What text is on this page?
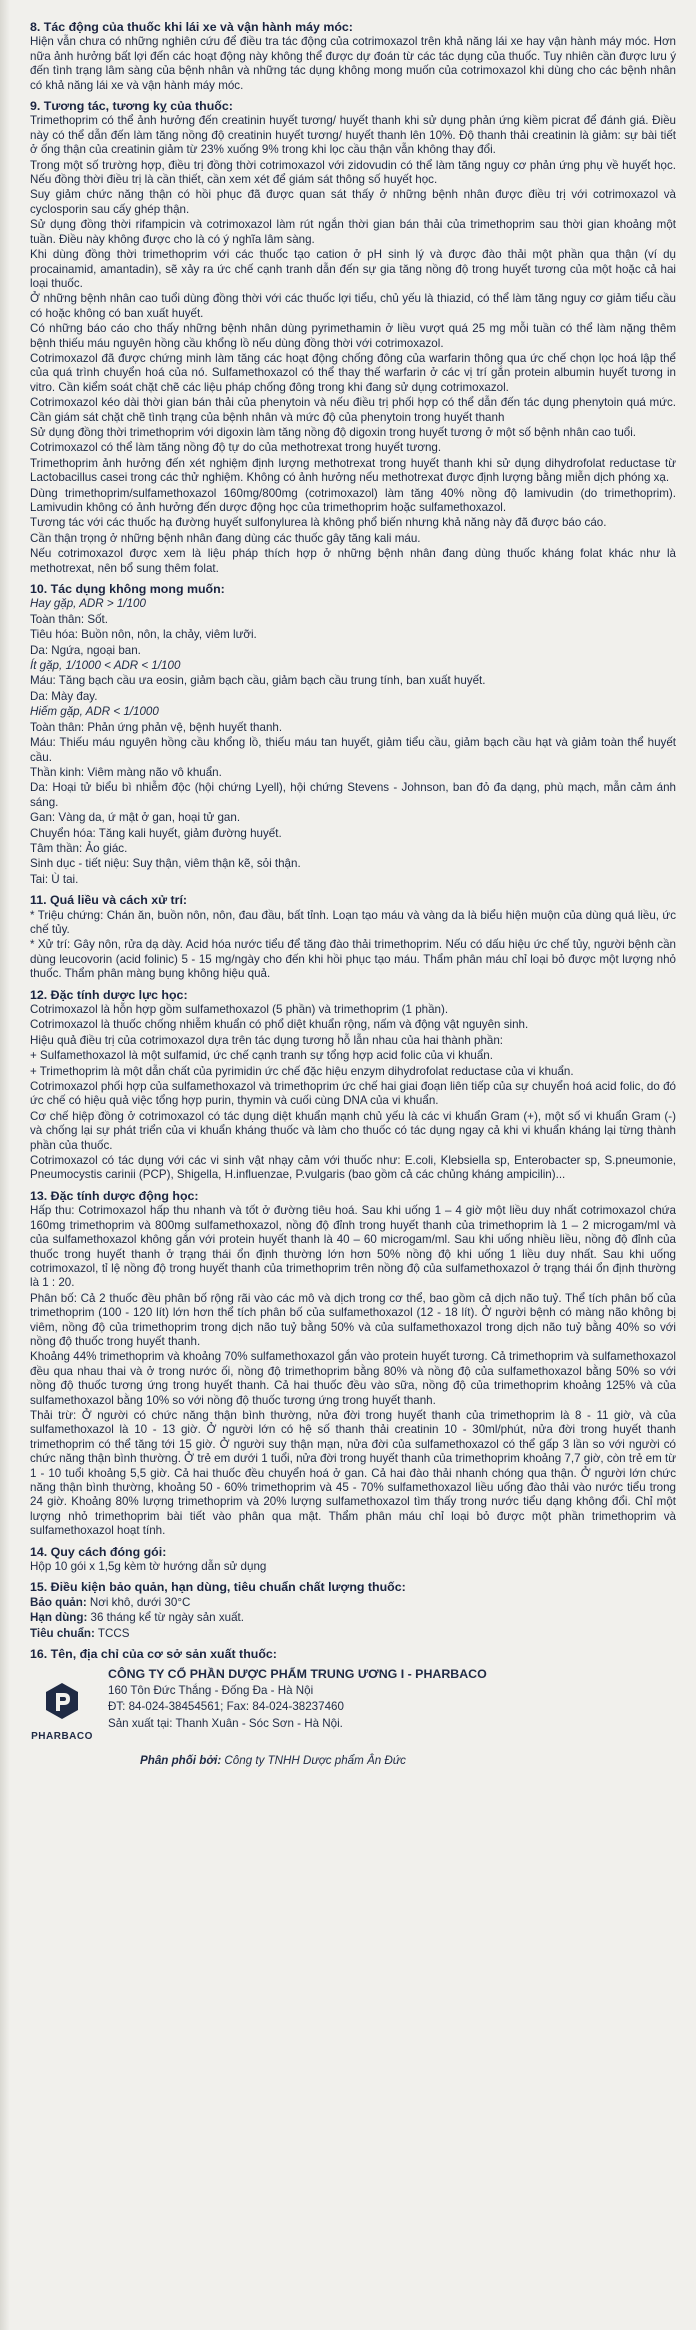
8. Tác động của thuốc khi lái xe và vận hành máy móc:

Hiện vẫn chưa có những nghiên cứu để điều tra tác động của cotrimoxazol trên khả năng lái xe hay vận hành máy móc. Hơn nữa ảnh hưởng bất lợi đến các hoạt động này không thể được dự đoán từ các tác dụng của thuốc. Tuy nhiên cần được lưu ý đến tình trạng lâm sàng của bệnh nhân và những tác dụng không mong muốn của cotrimoxazol khi dùng cho các bệnh nhân có khả năng lái xe và vận hành máy móc.

9. Tương tác, tương kỵ của thuốc:

Trimethoprim có thể ảnh hưởng đến creatinin huyết tương/ huyết thanh khi sử dụng phản ứng kiềm picrat để đánh giá. Điều này có thể dẫn đến làm tăng nồng độ creatinin huyết tương/ huyết thanh lên 10%. Độ thanh thải creatinin là giảm: sự bài tiết ở ống thận của creatinin giảm từ 23% xuống 9% trong khi lọc cầu thận vẫn không thay đổi.

Trong một số trường hợp, điều trị đồng thời cotrimoxazol với zidovudin có thể làm tăng nguy cơ phản ứng phụ về huyết học. Nếu đồng thời điều trị là cần thiết, cần xem xét để giám sát thông số huyết học.

Suy giảm chức năng thận có hồi phục đã được quan sát thấy ở những bệnh nhân được điều trị với cotrimoxazol và cyclosporin sau cấy ghép thận.

Sử dụng đồng thời rifampicin và cotrimoxazol làm rút ngắn thời gian bán thải của trimethoprim sau thời gian khoảng một tuần. Điều này không được cho là có ý nghĩa lâm sàng.

Khi dùng đồng thời trimethoprim với các thuốc tạo cation ở pH sinh lý và được đào thải một phần qua thận (ví dụ procainamid, amantadin), sẽ xảy ra ức chế cạnh tranh dẫn đến sự gia tăng nồng độ trong huyết tương của một hoặc cả hai loại thuốc.

Ở những bệnh nhân cao tuổi dùng đồng thời với các thuốc lợi tiểu, chủ yếu là thiazid, có thể làm tăng nguy cơ giảm tiểu cầu có hoặc không có ban xuất huyết.

Có những báo cáo cho thấy những bệnh nhân dùng pyrimethamin ở liều vượt quá 25 mg mỗi tuần có thể làm nặng thêm bệnh thiếu máu nguyên hồng cầu khổng lồ nếu dùng đồng thời với cotrimoxazol.

Cotrimoxazol đã được chứng minh làm tăng các hoạt động chống đông của warfarin thông qua ức chế chọn lọc hoá lập thể của quá trình chuyển hoá của nó. Sulfamethoxazol có thể thay thế warfarin ở các vị trí gắn protein albumin huyết tương in vitro. Cần kiểm soát chặt chẽ các liệu pháp chống đông trong khi đang sử dụng cotrimoxazol.

Cotrimoxazol kéo dài thời gian bán thải của phenytoin và nếu điều trị phối hợp có thể dẫn đến tác dụng phenytoin quá mức. Cần giám sát chặt chẽ tình trạng của bệnh nhân và mức độ của phenytoin trong huyết thanh

Sử dụng đồng thời trimethoprim với digoxin làm tăng nồng độ digoxin trong huyết tương ở một số bệnh nhân cao tuổi.

Cotrimoxazol có thể làm tăng nồng độ tự do của methotrexat trong huyết tương.

Trimethoprim ảnh hưởng đến xét nghiệm định lượng methotrexat trong huyết thanh khi sử dụng dihydrofolat reductase từ Lactobacillus casei trong các thử nghiệm. Không có ảnh hưởng nếu methotrexat được định lượng bằng miễn dịch phóng xạ.

Dùng trimethoprim/sulfamethoxazol 160mg/800mg (cotrimoxazol) làm tăng 40% nồng độ lamivudin (do trimethoprim). Lamivudin không có ảnh hưởng đến dược động học của trimethoprim hoặc sulfamethoxazol.

Tương tác với các thuốc hạ đường huyết sulfonylurea là không phổ biến nhưng khả năng này đã được báo cáo.

Cần thận trọng ở những bệnh nhân đang dùng các thuốc gây tăng kali máu.

Nếu cotrimoxazol được xem là liệu pháp thích hợp ở những bệnh nhân đang dùng thuốc kháng folat khác như là methotrexat, nên bổ sung thêm folat.

10. Tác dụng không mong muốn:

Hay gặp, ADR > 1/100

Toàn thân: Sốt.

Tiêu hóa: Buồn nôn, nôn, la chảy, viêm lưỡi.

Da: Ngứa, ngoại ban.

Ít gặp, 1/1000 < ADR < 1/100

Máu: Tăng bạch cầu ưa eosin, giảm bạch cầu, giảm bạch cầu trung tính, ban xuất huyết.

Da: Mày đay.

Hiếm gặp, ADR < 1/1000

Toàn thân: Phản ứng phản vệ, bệnh huyết thanh.

Máu: Thiếu máu nguyên hồng cầu khổng lồ, thiếu máu tan huyết, giảm tiểu cầu, giảm bạch cầu hạt và giảm toàn thể huyết cầu.

Thần kinh: Viêm màng não vô khuẩn.

Da: Hoại tử biểu bì nhiễm độc (hội chứng Lyell), hội chứng Stevens - Johnson, ban đỏ đa dạng, phù mạch, mẫn cảm ánh sáng.

Gan: Vàng da, ứ mật ở gan, hoại tử gan.

Chuyển hóa: Tăng kali huyết, giảm đường huyết.

Tâm thần: Ảo giác.

Sinh dục - tiết niệu: Suy thận, viêm thận kẽ, sỏi thận.

Tai: Ù tai.

11. Quá liều và cách xử trí:

* Triệu chứng: Chán ăn, buồn nôn, nôn, đau đầu, bất tỉnh. Loạn tạo máu và vàng da là biểu hiện muộn của dùng quá liều, ức chế tủy.

* Xử trí: Gây nôn, rửa dạ dày. Acid hóa nước tiểu để tăng đào thải trimethoprim. Nếu có dấu hiệu ức chế tủy, người bệnh cần dùng leucovorin (acid folinic) 5 - 15 mg/ngày cho đến khi hồi phục tạo máu. Thẩm phân máu chỉ loại bỏ được một lượng nhỏ thuốc. Thẩm phân màng bụng không hiệu quả.

12. Đặc tính dược lực học:

Cotrimoxazol là hỗn hợp gồm sulfamethoxazol (5 phần) và trimethoprim (1 phần).

Cotrimoxazol là thuốc chống nhiễm khuẩn có phổ diệt khuẩn rộng, nấm và động vật nguyên sinh.

Hiệu quả điều trị của cotrimoxazol dựa trên tác dụng tương hỗ lẫn nhau của hai thành phần:

+ Sulfamethoxazol là một sulfamid, ức chế cạnh tranh sự tổng hợp acid folic của vi khuẩn.

+ Trimethoprim là một dẫn chất của pyrimidin ức chế đặc hiệu enzym dihydrofolat reductase của vi khuẩn.

Cotrimoxazol phối hợp của sulfamethoxazol và trimethoprim ức chế hai giai đoạn liên tiếp của sự chuyển hoá acid folic, do đó ức chế có hiệu quả việc tổng hợp purin, thymin và cuối cùng DNA của vi khuẩn.

Cơ chế hiệp đồng ở cotrimoxazol có tác dụng diệt khuẩn mạnh chủ yếu là các vi khuẩn Gram (+), một số vi khuẩn Gram (-) và chống lại sự phát triển của vi khuẩn kháng thuốc và làm cho thuốc có tác dụng ngay cả khi vi khuẩn kháng lại từng thành phần của thuốc.

Cotrimoxazol có tác dụng với các vi sinh vật nhạy cảm với thuốc như: E.coli, Klebsiella sp, Enterobacter sp, S.pneumonie, Pneumocystis carinii (PCP), Shigella, H.influenzae, P.vulgaris (bao gồm cả các chủng kháng ampicilin)...

13. Đặc tính dược động học:

Hấp thu: Cotrimoxazol hấp thu nhanh và tốt ở đường tiêu hoá. Sau khi uống 1 – 4 giờ một liều duy nhất cotrimoxazol chứa 160mg trimethoprim và 800mg sulfamethoxazol, nồng độ đỉnh trong huyết thanh của trimethoprim là 1 – 2 microgam/ml và của sulfamethoxazol không gắn với protein huyết thanh là 40 – 60 microgam/ml. Sau khi uống nhiều liều, nồng độ đỉnh của thuốc trong huyết thanh ở trạng thái ổn định thường lớn hơn 50% nồng độ khi uống 1 liều duy nhất. Sau khi uống cotrimoxazol, tỉ lệ nồng độ trong huyết thanh của trimethoprim trên nồng độ của sulfamethoxazol ở trạng thái ổn định thường là 1 : 20.

Phân bố: Cả 2 thuốc đều phân bố rộng rãi vào các mô và dịch trong cơ thể, bao gồm cả dịch não tuỷ. Thể tích phân bố của trimethoprim (100 - 120 lít) lớn hơn thể tích phân bố của sulfamethoxazol (12 - 18 lít). Ở người bệnh có màng não không bị viêm, nồng độ của trimethoprim trong dịch não tuỷ bằng 50% và của sulfamethoxazol trong dịch não tuỷ bằng 40% so với nồng độ thuốc trong huyết thanh.

Khoảng 44% trimethoprim và khoảng 70% sulfamethoxazol gắn vào protein huyết tương. Cả trimethoprim và sulfamethoxazol đều qua nhau thai và ở trong nước ối, nồng độ trimethoprim bằng 80% và nồng độ của sulfamethoxazol bằng 50% so với nồng độ thuốc tương ứng trong huyết thanh. Cả hai thuốc đều vào sữa, nồng độ của trimethoprim khoảng 125% và của sulfamethoxazol bằng 10% so với nồng độ thuốc tương ứng trong huyết thanh.

Thải trừ: Ở người có chức năng thận bình thường, nửa đời trong huyết thanh của trimethoprim là 8 - 11 giờ, và của sulfamethoxazol là 10 - 13 giờ. Ở người lớn có hệ số thanh thải creatinin 10 - 30ml/phút, nửa đời trong huyết thanh trimethoprim có thể tăng tới 15 giờ. Ở người suy thận mạn, nửa đời của sulfamethoxazol có thể gấp 3 lần so với người có chức năng thận bình thường. Ở trẻ em dưới 1 tuổi, nửa đời trong huyết thanh của trimethoprim khoảng 7,7 giờ, còn trẻ em từ 1 - 10 tuổi khoảng 5,5 giờ. Cả hai thuốc đều chuyển hoá ở gan. Cả hai đào thải nhanh chóng qua thận. Ở người lớn chức năng thận bình thường, khoảng 50 - 60% trimethoprim và 45 - 70% sulfamethoxazol liều uống đào thải vào nước tiểu trong 24 giờ. Khoảng 80% lượng trimethoprim và 20% lượng sulfamethoxazol tìm thấy trong nước tiểu dạng không đổi. Chỉ một lượng nhỏ trimethoprim bài tiết vào phân qua mật. Thẩm phân máu chỉ loại bỏ được một phần trimethoprim và sulfamethoxazol hoạt tính.

14. Quy cách đóng gói:

Hộp 10 gói x 1,5g kèm tờ hướng dẫn sử dụng

15. Điều kiện bảo quản, hạn dùng, tiêu chuẩn chất lượng thuốc:

Bảo quản: Nơi khô, dưới 30°C

Hạn dùng: 36 tháng kể từ ngày sản xuất.

Tiêu chuẩn: TCCS

16. Tên, địa chỉ của cơ sở sản xuất thuốc:
PHARBACO

CÔNG TY CỔ PHẦN DƯỢC PHẨM TRUNG ƯƠNG I - PHARBACO

160 Tôn Đức Thắng - Đống Đa - Hà Nội

ĐT: 84-024-38454561; Fax: 84-024-38237460

Sản xuất tại: Thanh Xuân - Sóc Sơn - Hà Nội.

Phân phối bởi: Công ty TNHH Dược phẩm Ân Đức
